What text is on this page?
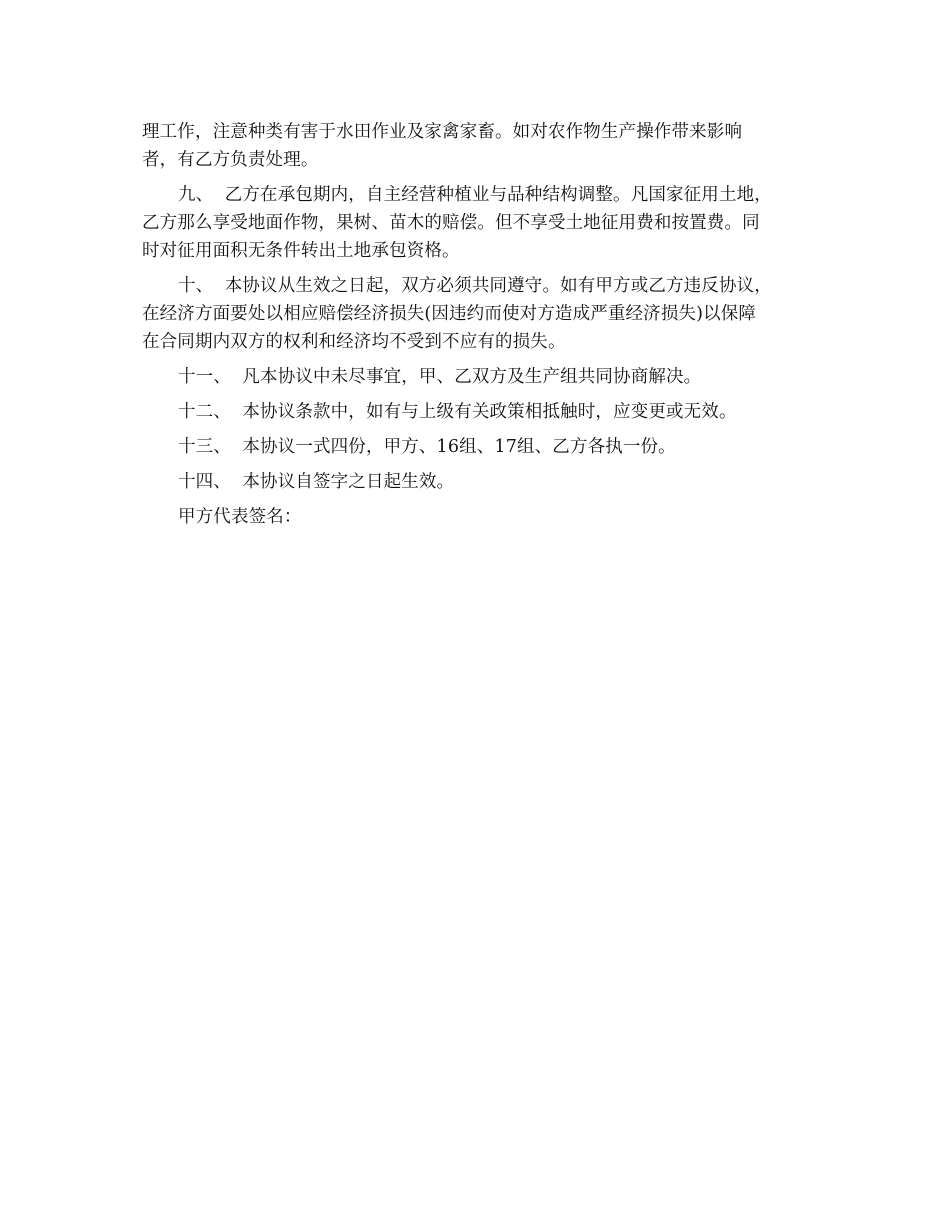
理工作，注意种类有害于水田作业及家禽家畜。如对农作物生产操作带来影响
者，有乙方负责处理。

九、 乙方在承包期内，自主经营种植业与品种结构调整。凡国家征用土地，
乙方那么享受地面作物，果树、苗木的赔偿。但不享受土地征用费和按置费。同
时对征用面积无条件转出土地承包资格。

十、 本协议从生效之日起，双方必须共同遵守。如有甲方或乙方违反协议，
在经济方面要处以相应赔偿经济损失(因违约而使对方造成严重经济损失)以保障
在合同期内双方的权利和经济均不受到不应有的损失。

十一、 凡本协议中未尽事宜，甲、乙双方及生产组共同协商解决。

十二、 本协议条款中，如有与上级有关政策相抵触时，应变更或无效。

十三、 本协议一式四份，甲方、16组、17组、乙方各执一份。

十四、 本协议自签字之日起生效。

甲方代表签名：
